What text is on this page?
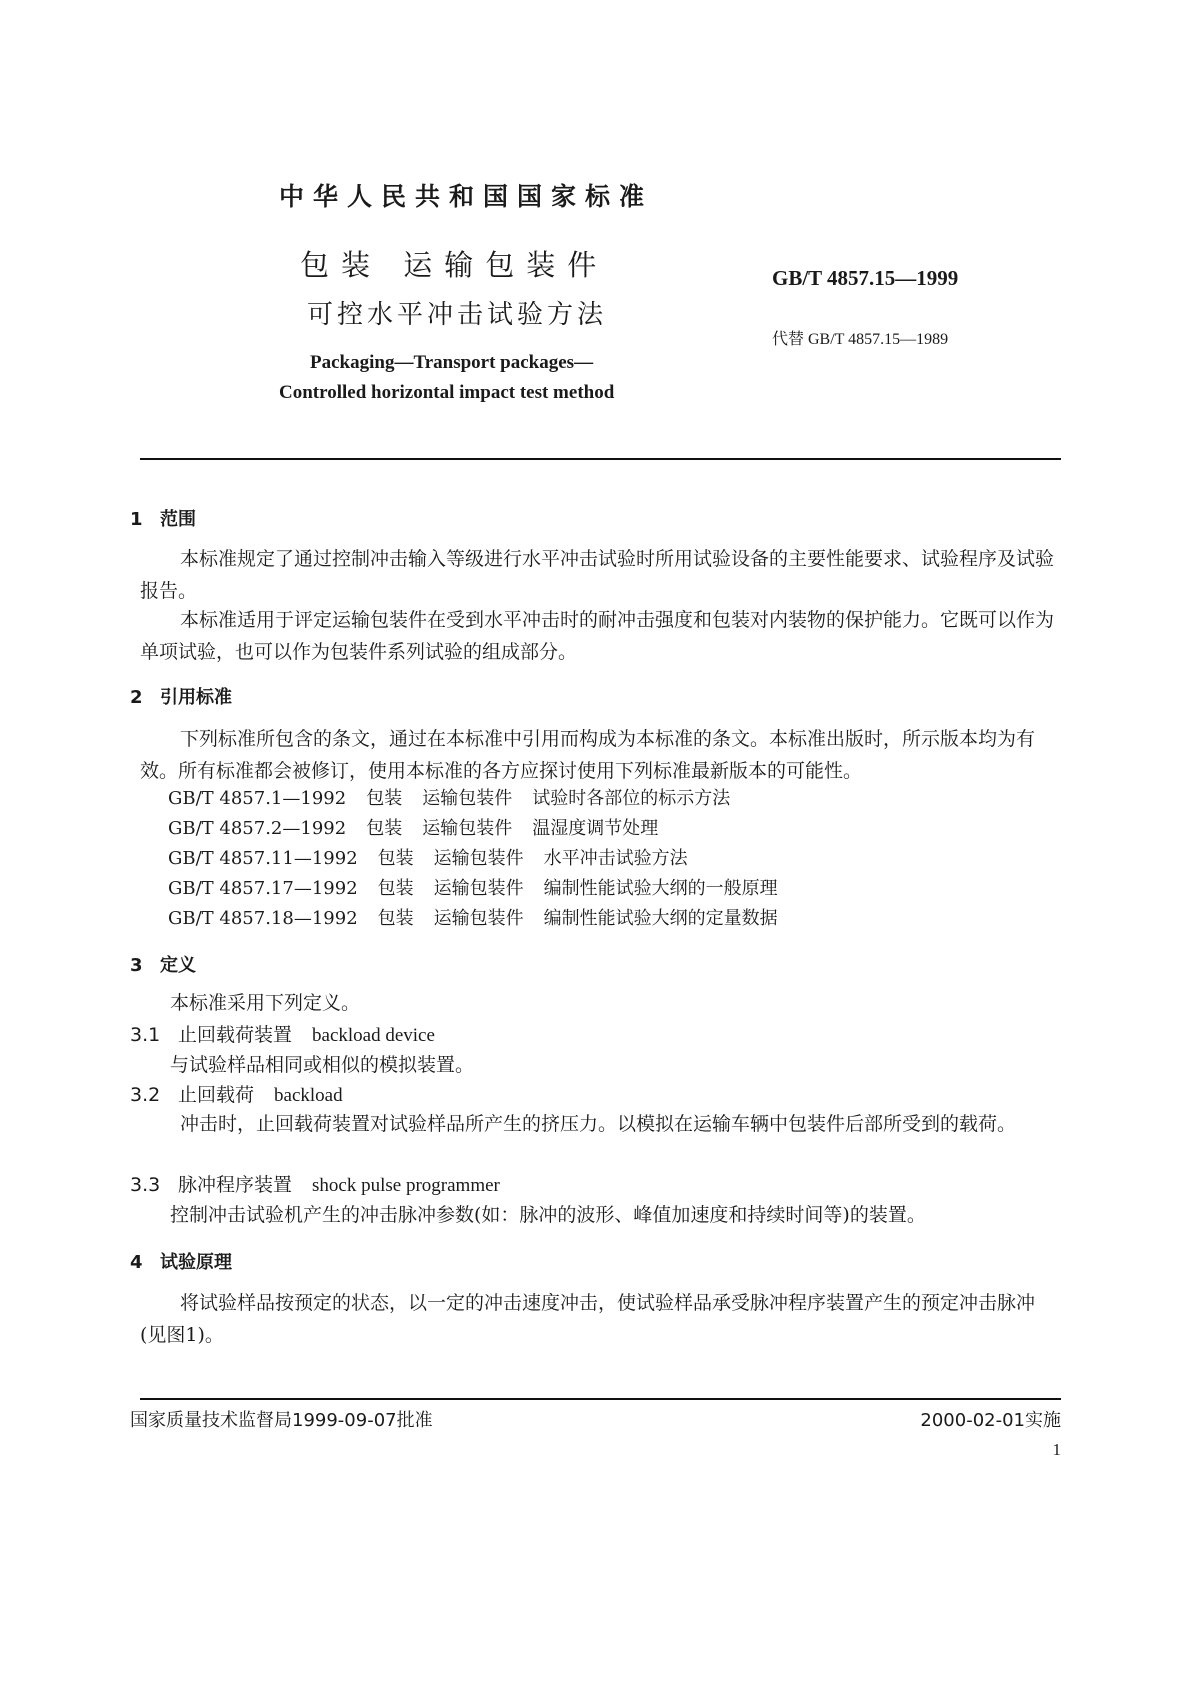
中华人民共和国国家标准
包装 运输包装件
可控水平冲击试验方法
GB/T 4857.15—1999
代替 GB/T 4857.15—1989
Packaging—Transport packages—
Controlled horizontal impact test method
1 范围
本标准规定了通过控制冲击输入等级进行水平冲击试验时所用试验设备的主要性能要求、试验程序及试验报告。
本标准适用于评定运输包装件在受到水平冲击时的耐冲击强度和包装对内装物的保护能力。它既可以作为单项试验，也可以作为包装件系列试验的组成部分。
2 引用标准
下列标准所包含的条文，通过在本标准中引用而构成为本标准的条文。本标准出版时，所示版本均为有效。所有标准都会被修订，使用本标准的各方应探讨使用下列标准最新版本的可能性。
GB/T 4857.1—1992 包装 运输包装件 试验时各部位的标示方法
GB/T 4857.2—1992 包装 运输包装件 温湿度调节处理
GB/T 4857.11—1992 包装 运输包装件 水平冲击试验方法
GB/T 4857.17—1992 包装 运输包装件 编制性能试验大纲的一般原理
GB/T 4857.18—1992 包装 运输包装件 编制性能试验大纲的定量数据
3 定义
本标准采用下列定义。
3.1 止回载荷装置 backload device
与试验样品相同或相似的模拟装置。
3.2 止回载荷 backload
冲击时，止回载荷装置对试验样品所产生的挤压力。以模拟在运输车辆中包装件后部所受到的载荷。
3.3 脉冲程序装置 shock pulse programmer
控制冲击试验机产生的冲击脉冲参数(如：脉冲的波形、峰值加速度和持续时间等)的装置。
4 试验原理
将试验样品按预定的状态，以一定的冲击速度冲击，使试验样品承受脉冲程序装置产生的预定冲击脉冲(见图1)。
国家质量技术监督局1999-09-07批准	2000-02-01实施
1
